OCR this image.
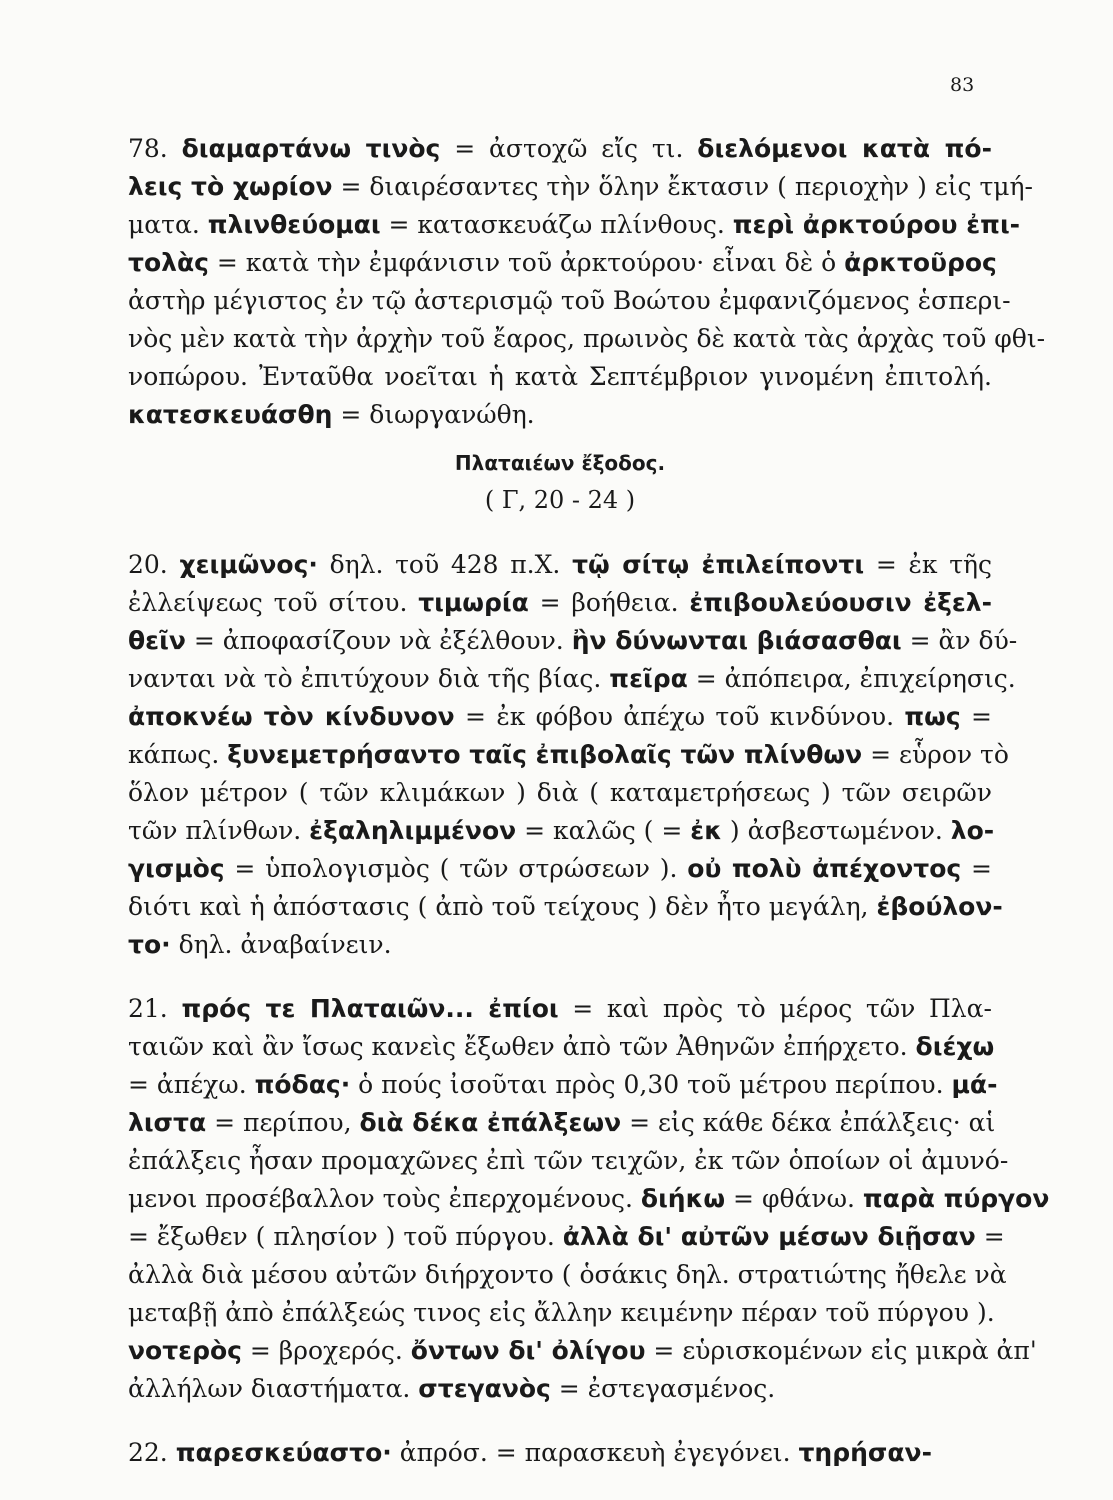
83
78. διαμαρτάνω τινὸς = ἀστοχῶ εἴς τι. διελόμενοι κατὰ πό-
λεις τὸ χωρίον = διαιρέσαντες τὴν ὅλην ἔκτασιν ( περιοχὴν ) εἰς τμή-
ματα. πλινθεύομαι = κατασκευάζω πλίνθους. περὶ ἀρκτούρου ἐπι-
τολὰς = κατὰ τὴν ἐμφάνισιν τοῦ ἀρκτούρου· εἶναι δὲ ὁ ἀρκτοῦρος
ἀστὴρ μέγιστος ἐν τῷ ἀστερισμῷ τοῦ Βοώτου ἐμφανιζόμενος ἑσπερι-
νὸς μὲν κατὰ τὴν ἀρχὴν τοῦ ἔαρος, πρωινὸς δὲ κατὰ τὰς ἀρχὰς τοῦ φθι-
νοπώρου. Ἐνταῦθα νοεῖται ἡ κατὰ Σεπτέμβριον γινομένη ἐπιτολή.
κατεσκευάσθη = διωργανώθη.
Πλαταιέων ἔξοδος.
( Γ, 20 - 24 )
20. χειμῶνος· δηλ. τοῦ 428 π.Χ. τῷ σίτῳ ἐπιλείποντι = ἐκ τῆς
ἐλλείψεως τοῦ σίτου. τιμωρία = βοήθεια. ἐπιβουλεύουσιν ἐξελ-
θεῖν = ἀποφασίζουν νὰ ἐξέλθουν. ἢν δύνωνται βιάσασθαι = ἂν δύ-
νανται νὰ τὸ ἐπιτύχουν διὰ τῆς βίας. πεῖρα = ἀπόπειρα, ἐπιχείρησις.
ἀποκνέω τὸν κίνδυνον = ἐκ φόβου ἀπέχω τοῦ κινδύνου. πως =
κάπως. ξυνεμετρήσαντο ταῖς ἐπιβολαῖς τῶν πλίνθων = εὗρον τὸ
ὅλον μέτρον ( τῶν κλιμάκων ) διὰ ( καταμετρήσεως ) τῶν σειρῶν
τῶν πλίνθων. ἐξαληλιμμένον = καλῶς ( = ἐκ ) ἀσβεστωμένον. λο-
γισμὸς = ὑπολογισμὸς ( τῶν στρώσεων ). οὐ πολὺ ἀπέχοντος =
διότι καὶ ἡ ἀπόστασις ( ἀπὸ τοῦ τείχους ) δὲν ἦτο μεγάλη, ἐβούλον-
το· δηλ. ἀναβαίνειν.
21. πρός τε Πλαταιῶν... ἐπίοι = καὶ πρὸς τὸ μέρος τῶν Πλα-
ταιῶν καὶ ἂν ἴσως κανεὶς ἔξωθεν ἀπὸ τῶν Ἀθηνῶν ἐπήρχετο. διέχω
= ἀπέχω. πόδας· ὁ πούς ἰσοῦται πρὸς 0,30 τοῦ μέτρου περίπου. μά-
λιστα = περίπου, διὰ δέκα ἐπάλξεων = εἰς κάθε δέκα ἐπάλξεις· αἱ
ἐπάλξεις ἦσαν προμαχῶνες ἐπὶ τῶν τειχῶν, ἐκ τῶν ὁποίων οἱ ἀμυνό-
μενοι προσέβαλλον τοὺς ἐπερχομένους. διήκω = φθάνω. παρὰ πύργον
= ἔξωθεν ( πλησίον ) τοῦ πύργου. ἀλλὰ δι' αὐτῶν μέσων διῇσαν =
ἀλλὰ διὰ μέσου αὐτῶν διήρχοντο ( ὁσάκις δηλ. στρατιώτης ἤθελε νὰ
μεταβῇ ἀπὸ ἐπάλξεώς τινος εἰς ἄλλην κειμένην πέραν τοῦ πύργου ).
νοτερὸς = βροχερός. ὄντων δι' ὀλίγου = εὑρισκομένων εἰς μικρὰ ἀπ'
ἀλλήλων διαστήματα. στεγανὸς = ἐστεγασμένος.
22. παρεσκεύαστο· ἀπρόσ. = παρασκευὴ ἐγεγόνει. τηρήσαν-
